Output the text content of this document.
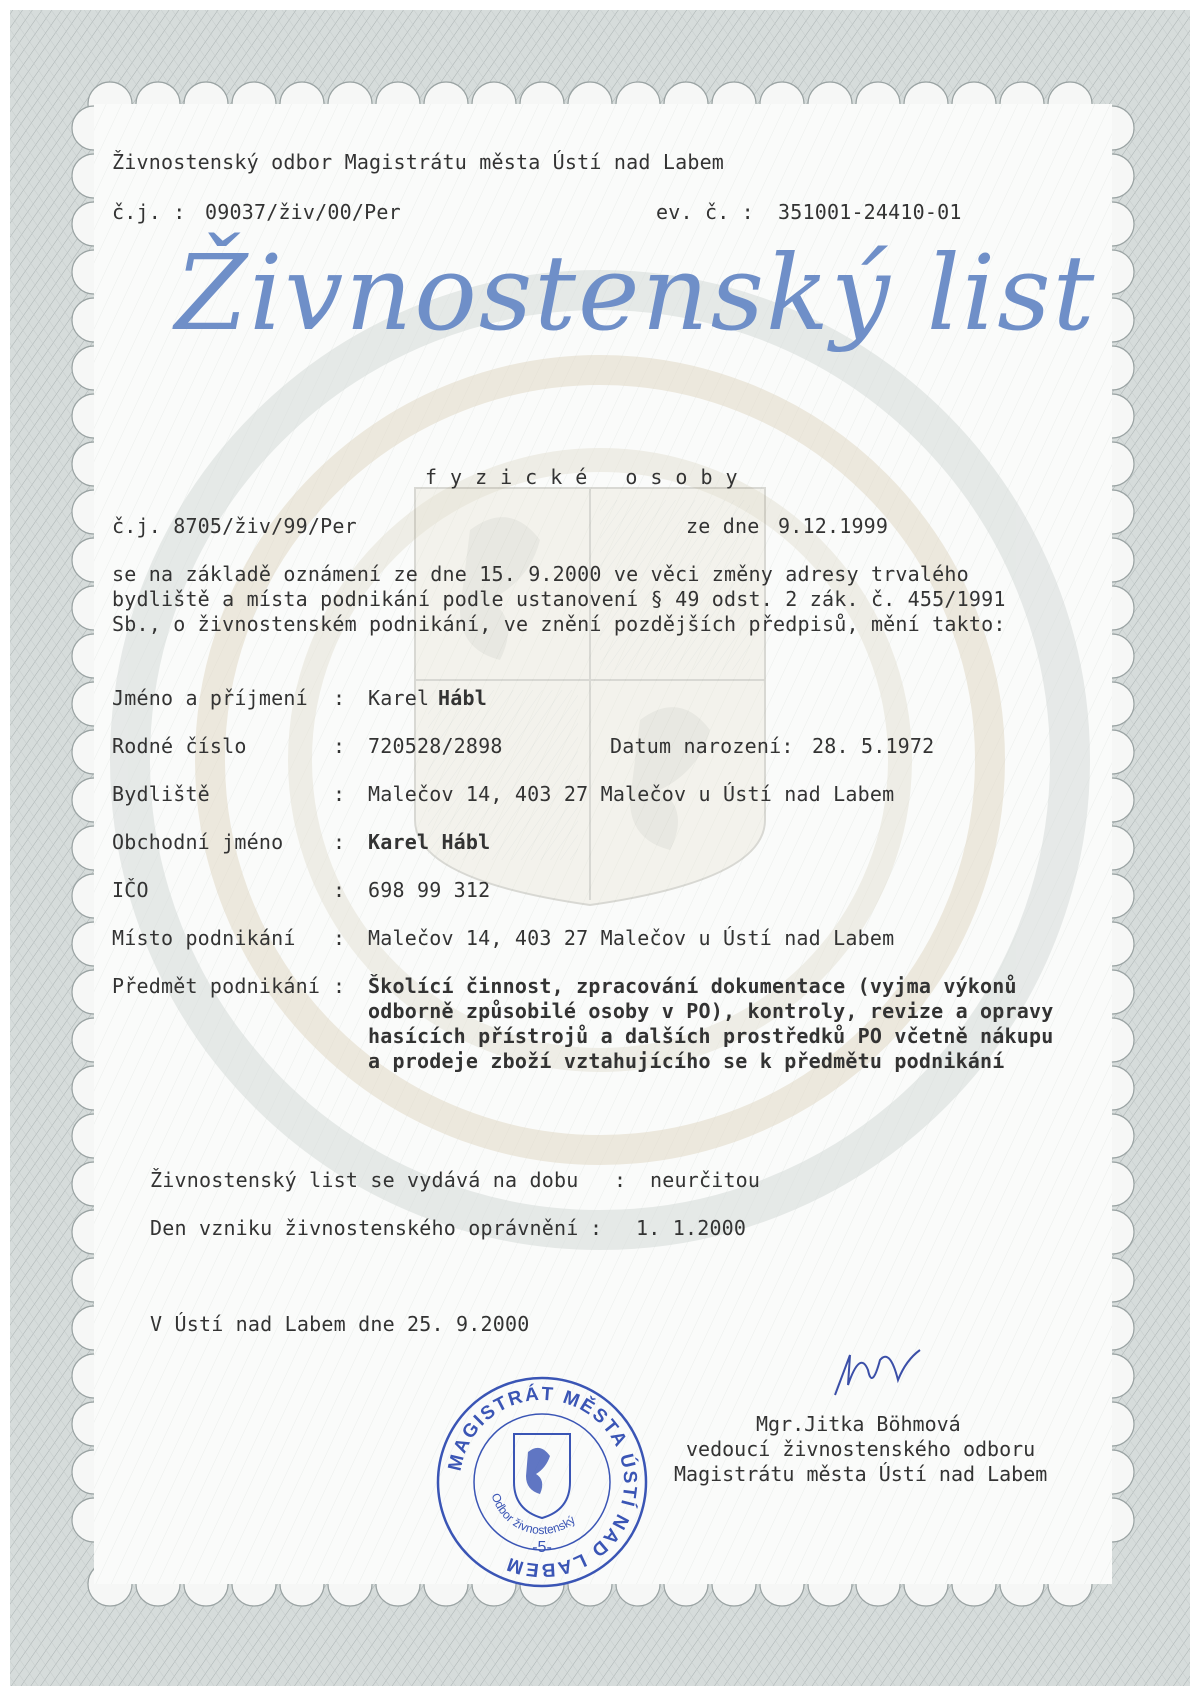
Živnostenský odbor Magistrátu města Ústí nad Labem
č.j. : 09037/živ/00/Per	ev. č. : 351001-24410-01
Živnostenský list
fyzické osoby
č.j. 8705/živ/99/Per	ze dne 9.12.1999
se na základě oznámení ze dne 15. 9.2000 ve věci změny adresy trvalého
bydliště a místa podnikání podle ustanovení § 49 odst. 2 zák. č. 455/1991
Sb., o živnostenském podnikání, ve znění pozdějších předpisů, mění takto:
Jméno a příjmení : Karel Hábl
Rodné číslo	: 720528/2898	Datum narození: 28. 5.1972
Bydliště	: Malečov 14, 403 27 Malečov u Ústí nad Labem
Obchodní jméno : Karel Hábl
IČO	: 698 99 312
Místo podnikání : Malečov 14, 403 27 Malečov u Ústí nad Labem
Předmět podnikání : Školící činnost, zpracování dokumentace (vyjma výkonů
odborně způsobilé osoby v PO), kontroly, revize a opravy
hasících přístrojů a dalších prostředků PO včetně nákupu
a prodeje zboží vztahujícího se k předmětu podnikání
Živnostenský list se vydává na dobu : neurčitou
Den vzniku živnostenského oprávnění : 1. 1.2000
V Ústí nad Labem dne 25. 9.2000
Mgr.Jitka Böhmová
vedoucí živnostenského odboru
Magistrátu města Ústí nad Labem
MAGISTRÁT MĚSTA ÚSTÍ NAD LABEM
Odbor živnostenský
-5-
